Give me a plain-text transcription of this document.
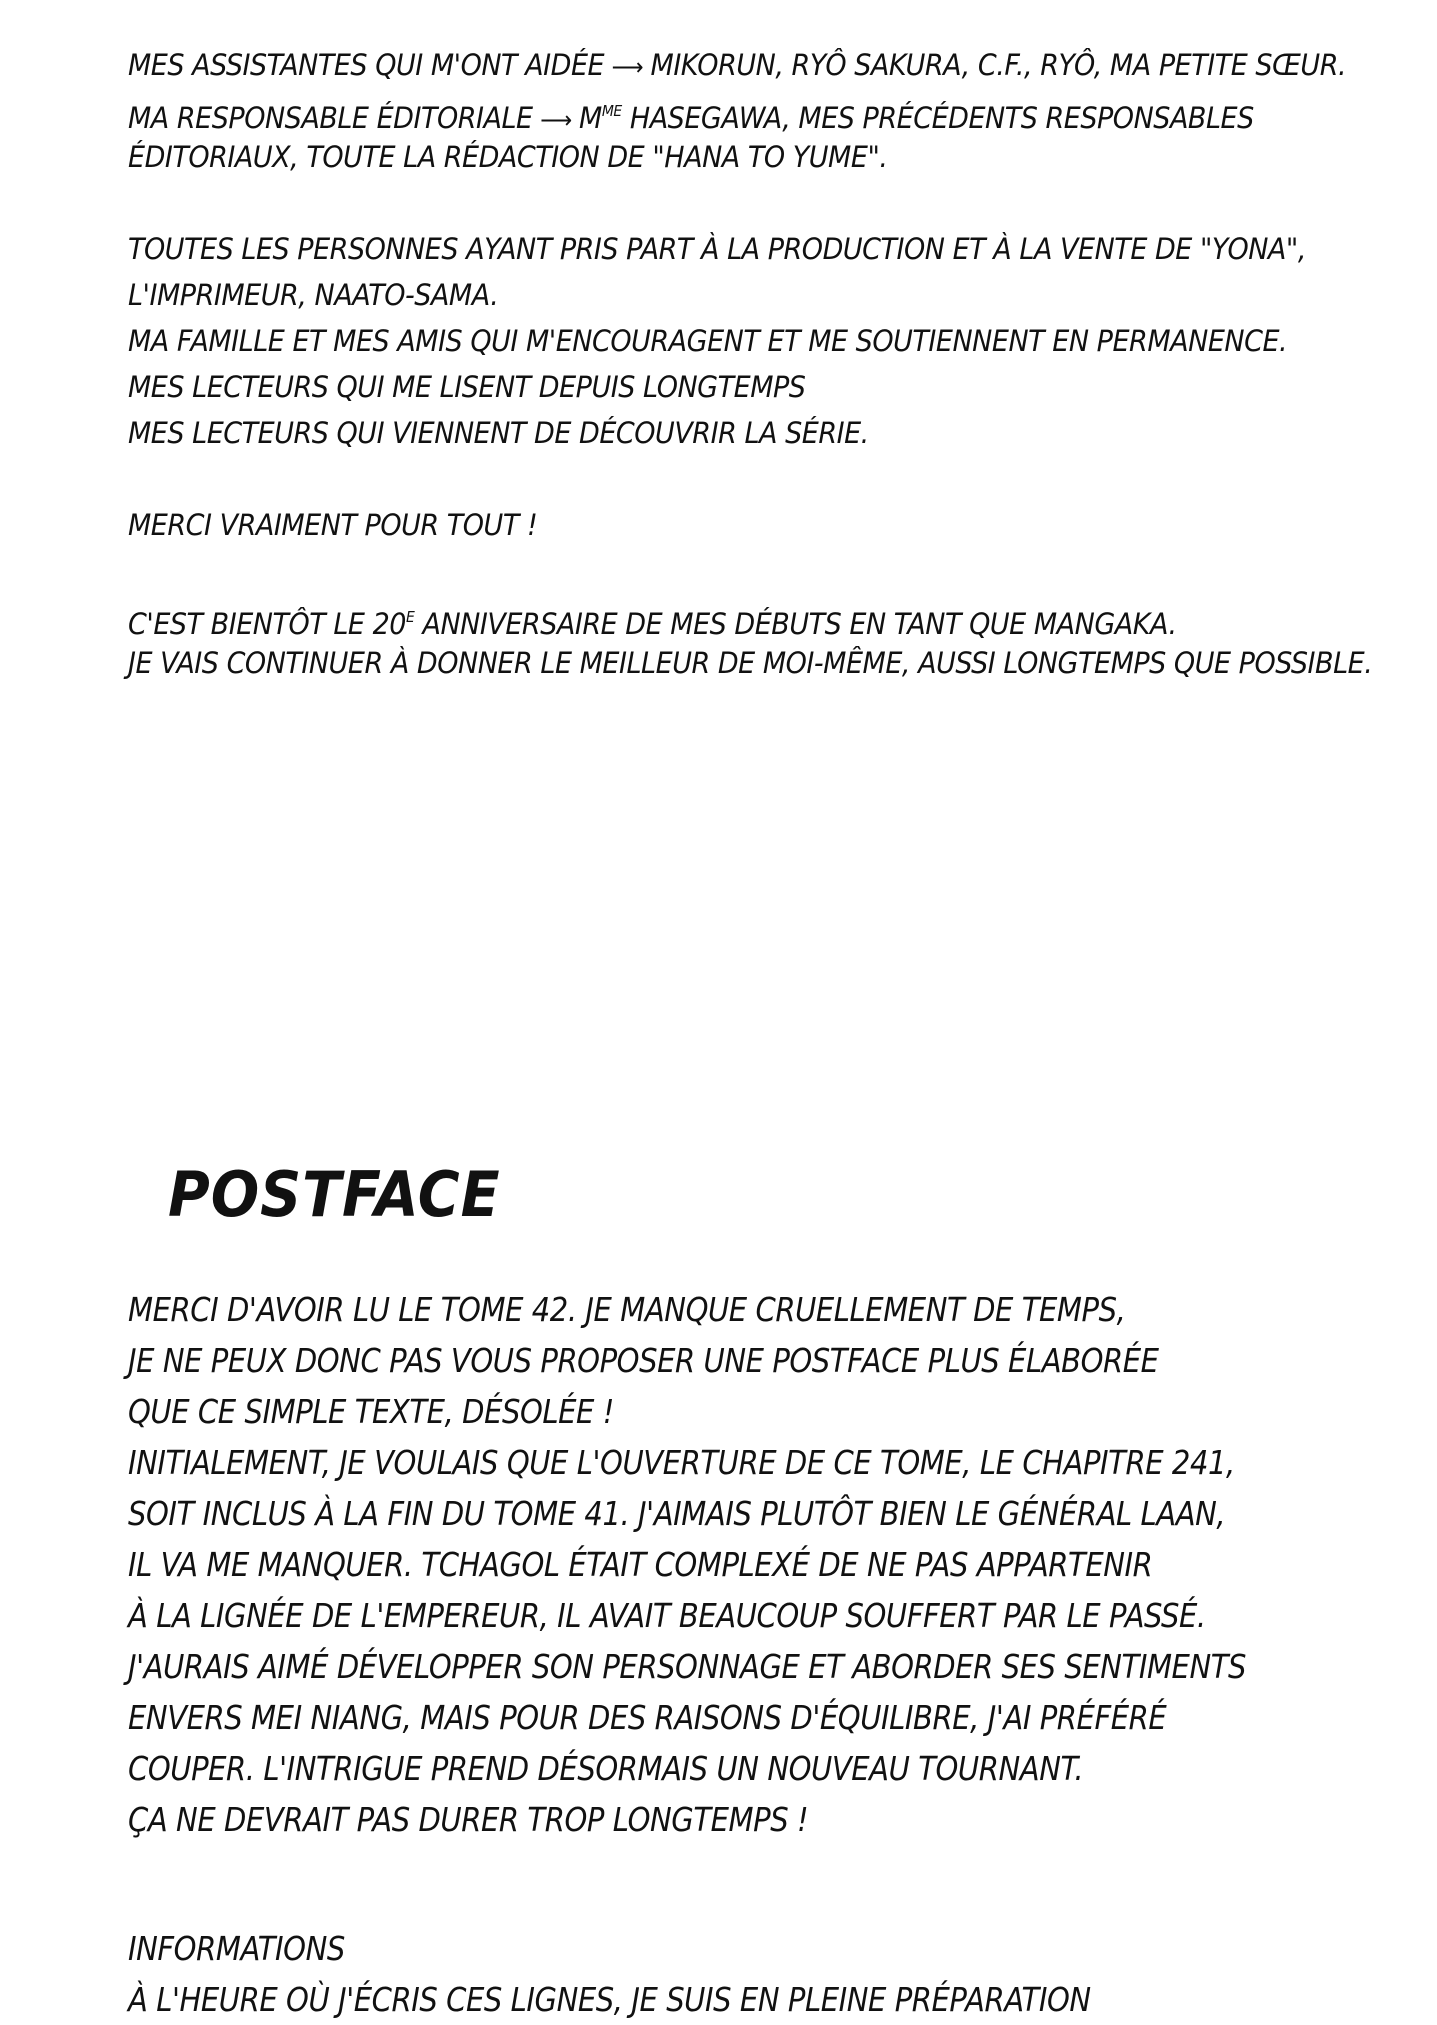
MES ASSISTANTES QUI M'ONT AIDÉE ⟶ MIKORUN, RYÔ SAKURA, C.F., RYÔ, MA PETITE SŒUR.

MA RESPONSABLE ÉDITORIALE ⟶ $M^{ME}$ HASEGAWA, MES PRÉCÉDENTS RESPONSABLES

ÉDITORIAUX, TOUTE LA RÉDACTION DE "HANA TO YUME".

TOUTES LES PERSONNES AYANT PRIS PART À LA PRODUCTION ET À LA VENTE DE "YONA",

L'IMPRIMEUR, NAATO-SAMA.

MA FAMILLE ET MES AMIS QUI M'ENCOURAGENT ET ME SOUTIENNENT EN PERMANENCE.

MES LECTEURS QUI ME LISENT DEPUIS LONGTEMPS

MES LECTEURS QUI VIENNENT DE DÉCOUVRIR LA SÉRIE.

MERCI VRAIMENT POUR TOUT !

C'EST BIENTÔT LE $20^E$ ANNIVERSAIRE DE MES DÉBUTS EN TANT QUE MANGAKA.

JE VAIS CONTINUER À DONNER LE MEILLEUR DE MOI-MÊME, AUSSI LONGTEMPS QUE POSSIBLE.

POSTFACE

MERCI D'AVOIR LU LE TOME 42. JE MANQUE CRUELLEMENT DE TEMPS,

JE NE PEUX DONC PAS VOUS PROPOSER UNE POSTFACE PLUS ÉLABORÉE

QUE CE SIMPLE TEXTE, DÉSOLÉE !

INITIALEMENT, JE VOULAIS QUE L'OUVERTURE DE CE TOME, LE CHAPITRE 241,

SOIT INCLUS À LA FIN DU TOME 41. J'AIMAIS PLUTÔT BIEN LE GÉNÉRAL LAAN,

IL VA ME MANQUER. TCHAGOL ÉTAIT COMPLEXÉ DE NE PAS APPARTENIR

À LA LIGNÉE DE L'EMPEREUR, IL AVAIT BEAUCOUP SOUFFERT PAR LE PASSÉ.

J'AURAIS AIMÉ DÉVELOPPER SON PERSONNAGE ET ABORDER SES SENTIMENTS

ENVERS MEI NIANG, MAIS POUR DES RAISONS D'ÉQUILIBRE, J'AI PRÉFÉRÉ

COUPER. L'INTRIGUE PREND DÉSORMAIS UN NOUVEAU TOURNANT.

ÇA NE DEVRAIT PAS DURER TROP LONGTEMPS !

INFORMATIONS

À L'HEURE OÙ J'ÉCRIS CES LIGNES, JE SUIS EN PLEINE PRÉPARATION
